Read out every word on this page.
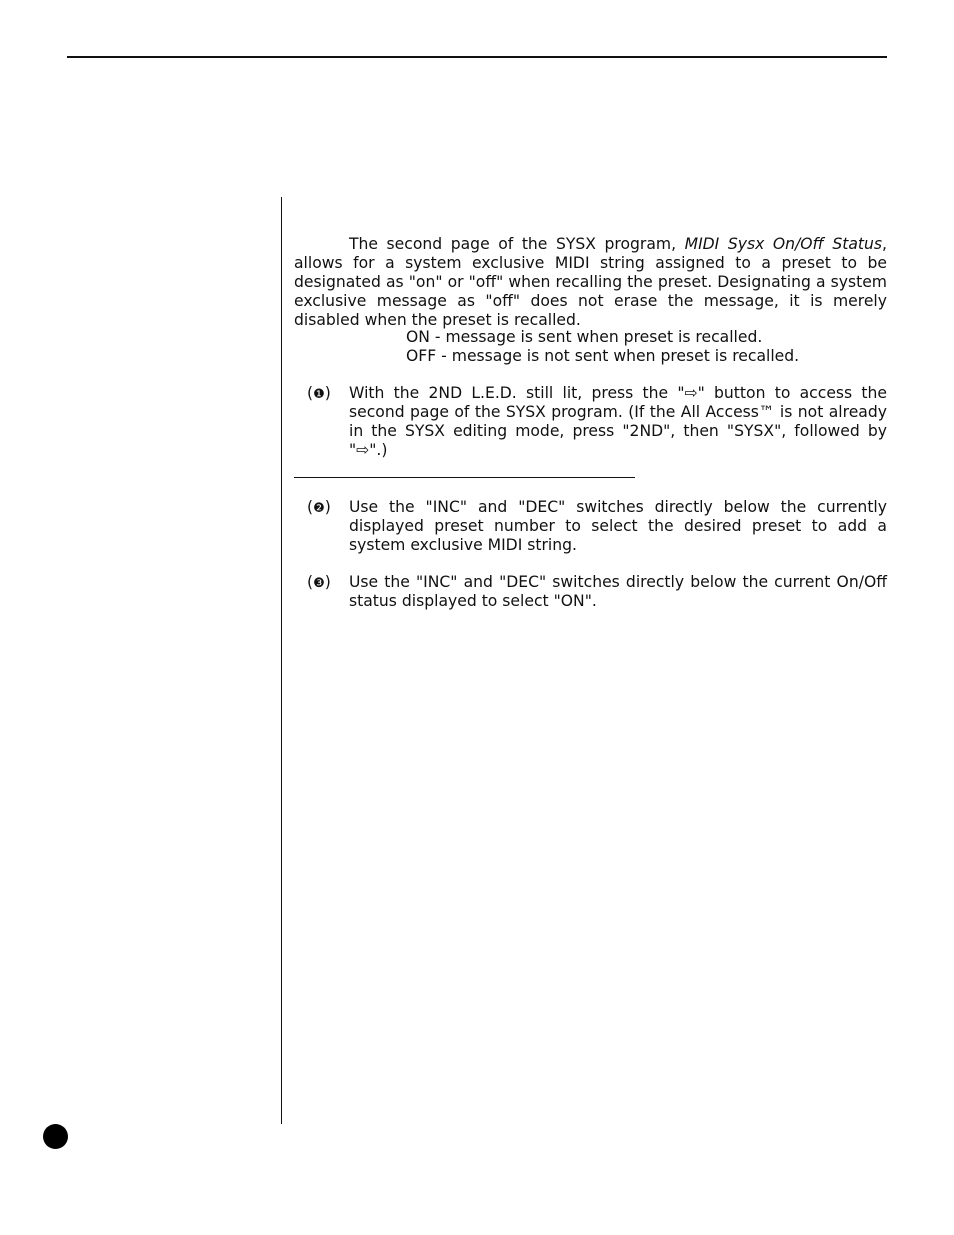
The second page of the SYSX program, MIDI Sysx On/Off Status, allows for a system exclusive MIDI string assigned to a preset to be designated as "on" or "off" when recalling the preset. Designating a system exclusive message as "off" does not erase the message, it is merely disabled when the preset is recalled.

ON - message is sent when preset is recalled.
OFF - message is not sent when preset is recalled.
(❶) With the 2ND L.E.D. still lit, press the "⇨" button to access the second page of the SYSX program. (If the All Access™ is not already in the SYSX editing mode, press "2ND", then "SYSX", followed by "⇨".)
(❷) Use the "INC" and "DEC" switches directly below the currently displayed preset number to select the desired preset to add a system exclusive MIDI string.
(❸) Use the "INC" and "DEC" switches directly below the current On/Off status displayed to select "ON".
